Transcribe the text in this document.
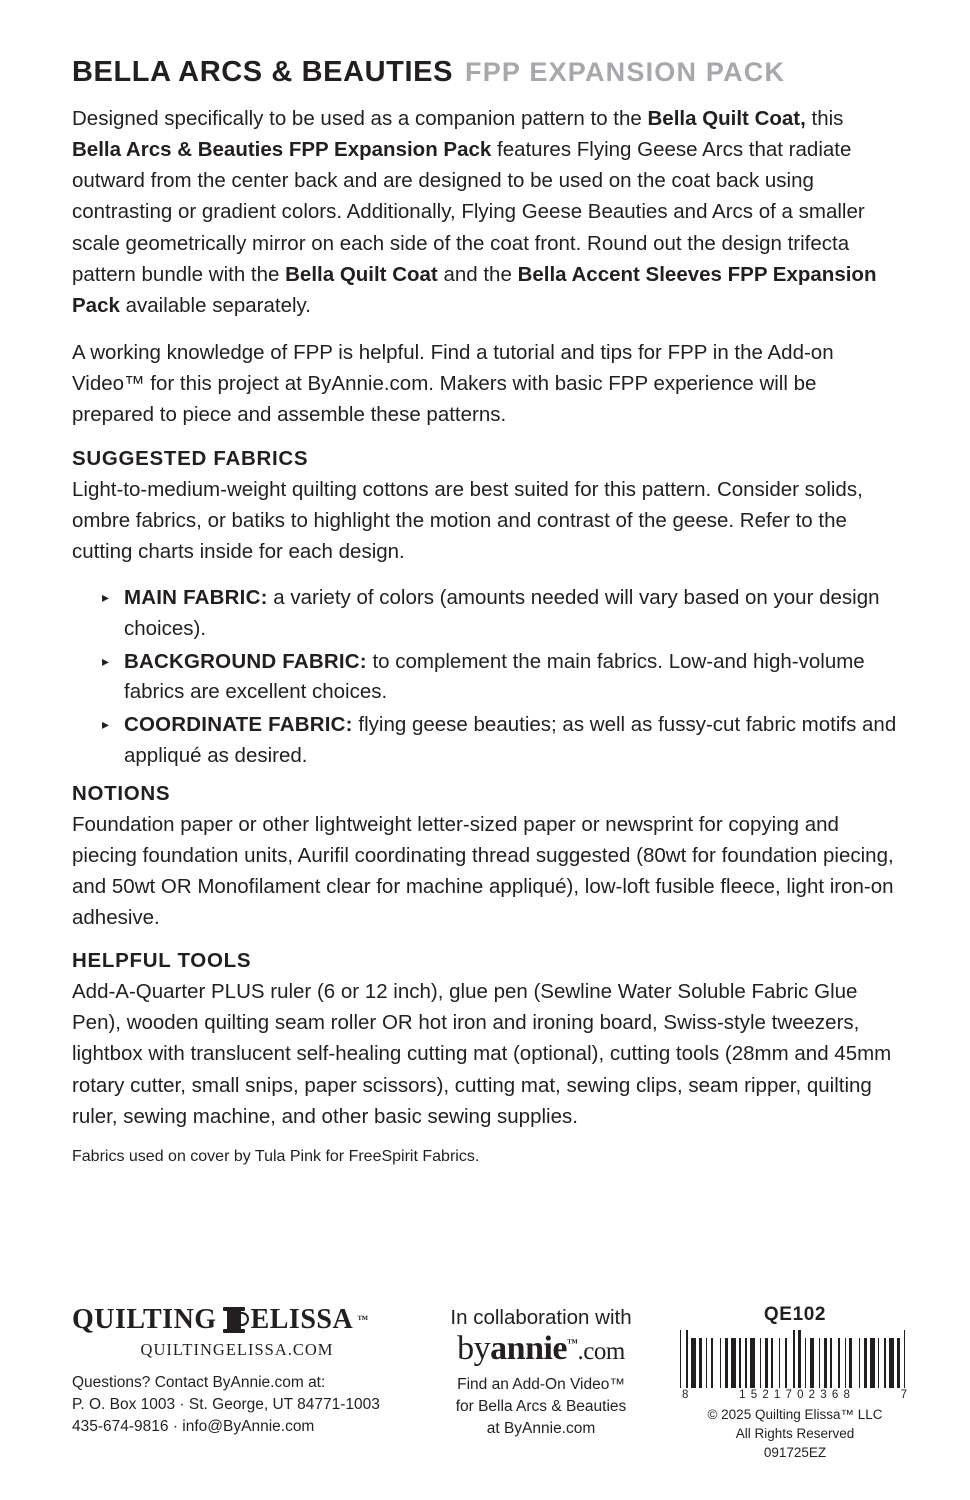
BELLA ARCS & BEAUTIES FPP EXPANSION PACK

Designed specifically to be used as a companion pattern to the Bella Quilt Coat, this Bella Arcs & Beauties FPP Expansion Pack features Flying Geese Arcs that radiate outward from the center back and are designed to be used on the coat back using contrasting or gradient colors. Additionally, Flying Geese Beauties and Arcs of a smaller scale geometrically mirror on each side of the coat front. Round out the design trifecta pattern bundle with the Bella Quilt Coat and the Bella Accent Sleeves FPP Expansion Pack available separately.

A working knowledge of FPP is helpful. Find a tutorial and tips for FPP in the Add-on Video™ for this project at ByAnnie.com. Makers with basic FPP experience will be prepared to piece and assemble these patterns.

SUGGESTED FABRICS

Light-to-medium-weight quilting cottons are best suited for this pattern. Consider solids, ombre fabrics, or batiks to highlight the motion and contrast of the geese. Refer to the cutting charts inside for each design.

▸ MAIN FABRIC: a variety of colors (amounts needed will vary based on your design choices).
▸ BACKGROUND FABRIC: to complement the main fabrics. Low-and high-volume fabrics are excellent choices.
▸ COORDINATE FABRIC: flying geese beauties; as well as fussy-cut fabric motifs and appliqué as desired.
NOTIONS

Foundation paper or other lightweight letter-sized paper or newsprint for copying and piecing foundation units, Aurifil coordinating thread suggested (80wt for foundation piecing, and 50wt OR Monofilament clear for machine appliqué), low-loft fusible fleece, light iron-on adhesive.

HELPFUL TOOLS

Add-A-Quarter PLUS ruler (6 or 12 inch), glue pen (Sewline Water Soluble Fabric Glue Pen), wooden quilting seam roller OR hot iron and ironing board, Swiss-style tweezers, lightbox with translucent self-healing cutting mat (optional), cutting tools (28mm and 45mm rotary cutter, small snips, paper scissors), cutting mat, sewing clips, seam ripper, quilting ruler, sewing machine, and other basic sewing supplies.

Fabrics used on cover by Tula Pink for FreeSpirit Fabrics.

QUILTING ELISSA ™
QUILTINGELISSA.COM
Questions? Contact ByAnnie.com at:
P. O. Box 1003 · St. George, UT 84771-1003
435-674-9816 · info@ByAnnie.com
In collaboration with
byannie™.com
Find an Add-On Video™
for Bella Arcs & Beauties
at ByAnnie.com
QE102
8	1 5 2 1 7 0 2 3 6 8	7
© 2025 Quilting Elissa™ LLC
All Rights Reserved
091725EZ
